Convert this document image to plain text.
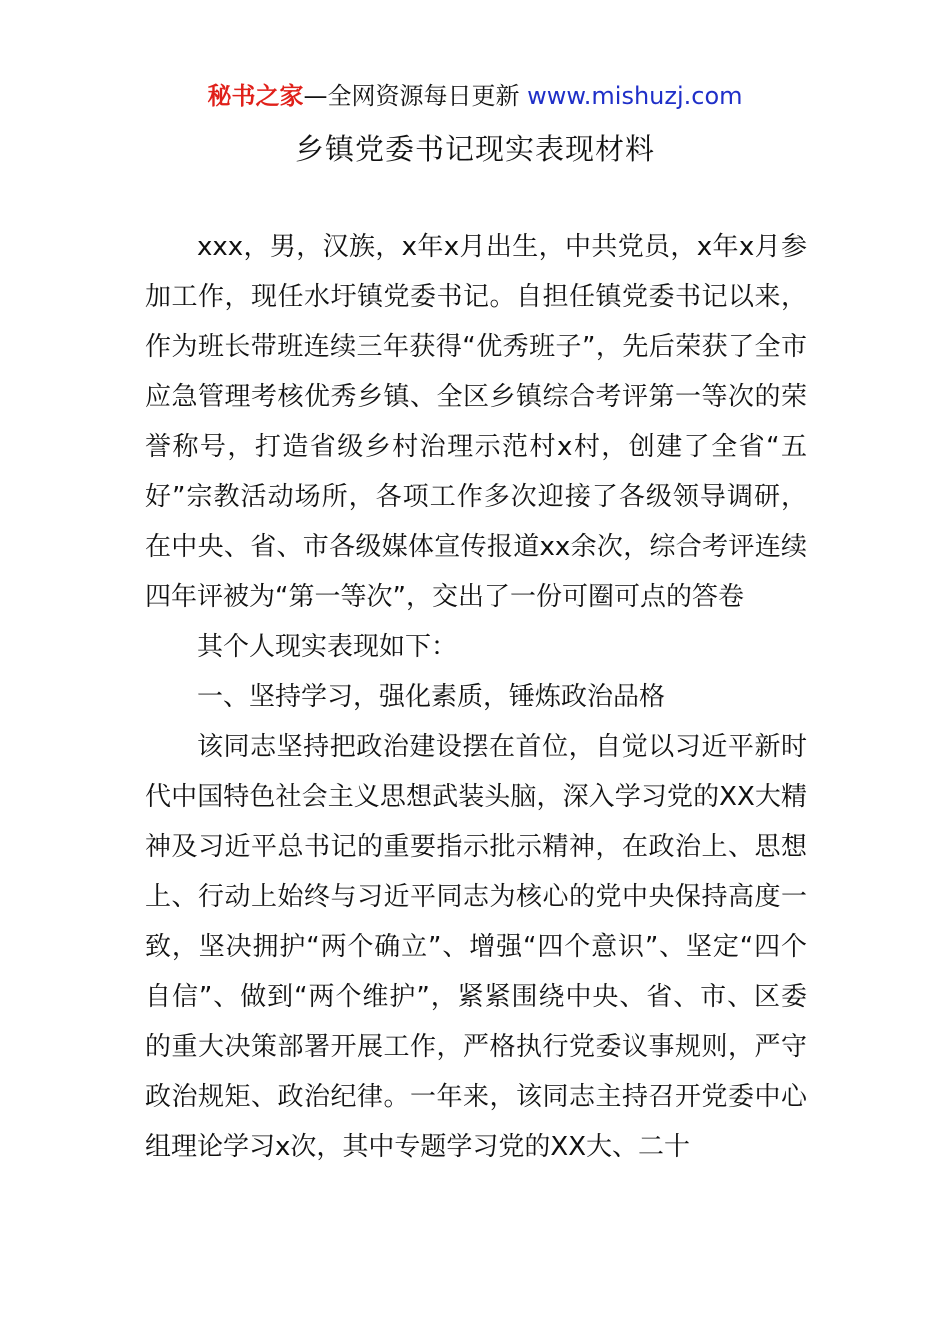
秘书之家—全网资源每日更新 www.mishuzj.com
乡镇党委书记现实表现材料

xxx，男，汉族，x年x月出生，中共党员，x年x月参加工作，现任水圩镇党委书记。自担任镇党委书记以来，作为班长带班连续三年获得“优秀班子”，先后荣获了全市应急管理考核优秀乡镇、全区乡镇综合考评第一等次的荣誉称号，打造省级乡村治理示范村x村，创建了全省“五好”宗教活动场所，各项工作多次迎接了各级领导调研，在中央、省、市各级媒体宣传报道xx余次，综合考评连续四年评被为“第一等次”，交出了一份可圈可点的答卷

其个人现实表现如下：

一、坚持学习，强化素质，锤炼政治品格

该同志坚持把政治建设摆在首位，自觉以习近平新时代中国特色社会主义思想武装头脑，深入学习党的XX大精神及习近平总书记的重要指示批示精神，在政治上、思想上、行动上始终与习近平同志为核心的党中央保持高度一致，坚决拥护“两个确立”、增强“四个意识”、坚定“四个自信”、做到“两个维护”，紧紧围绕中央、省、市、区委的重大决策部署开展工作，严格执行党委议事规则，严守政治规矩、政治纪律。一年来，该同志主持召开党委中心组理论学习x次，其中专题学习党的XX大、二十
